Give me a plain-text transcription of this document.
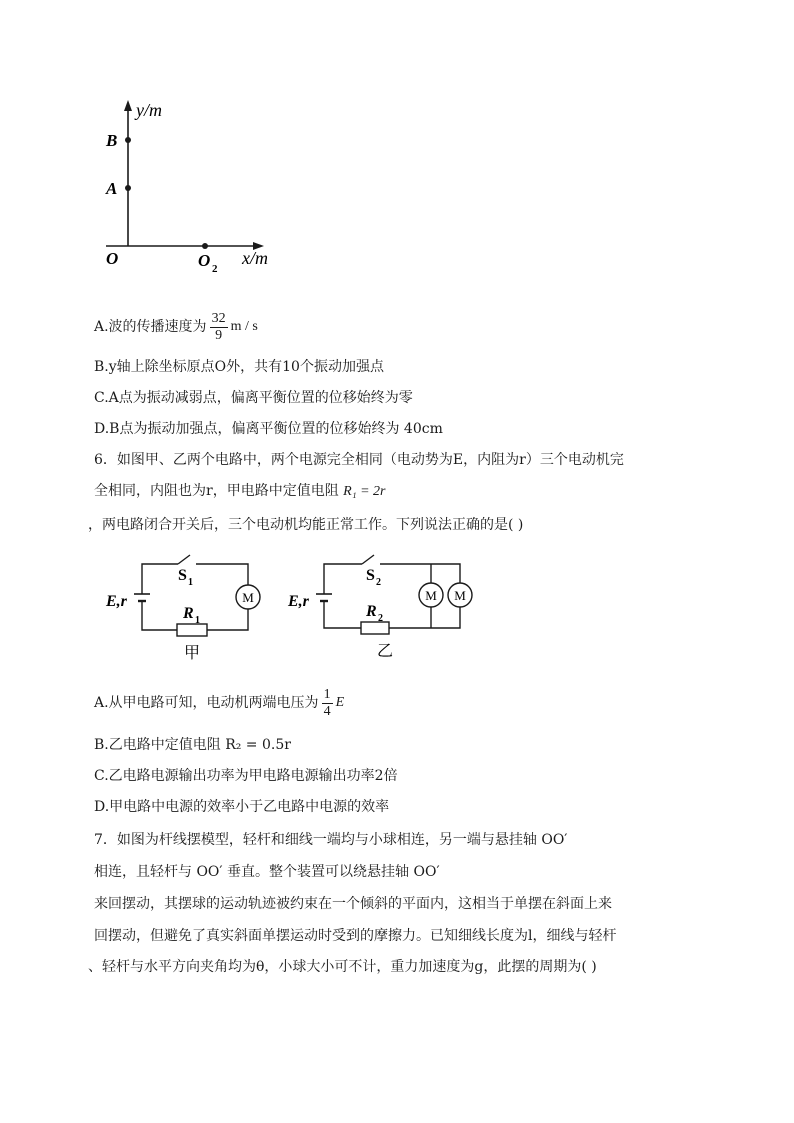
y/m
B
A
O	O 2
x/m
A.波的传播速度为 $\frac{32}{9}$ m / s
B.y轴上除坐标原点O外，共有10个振动加强点
C.A点为振动减弱点，偏离平衡位置的位移始终为零
D.B点为振动加强点，偏离平衡位置的位移始终为 40cm
6．如图甲、乙两个电路中，两个电源完全相同（电动势为E，内阻为r）三个电动机完
全相同，内阻也为r，甲电路中定值电阻 R₁ = 2r
，两电路闭合开关后，三个电动机均能正常工作。下列说法正确的是( )
M
E,r
S 1
R 1
甲
M M
E,r
S 2
R 2
乙
A.从甲电路可知，电动机两端电压为 $\frac{1}{4}$ E
B.乙电路中定值电阻 R₂ = 0.5r
C.乙电路电源输出功率为甲电路电源输出功率2倍
D.甲电路中电源的效率小于乙电路中电源的效率
7．如图为杆线摆模型，轻杆和细线一端均与小球相连，另一端与悬挂轴 OO′
相连，且轻杆与 OO′ 垂直。整个装置可以绕悬挂轴 OO′
来回摆动，其摆球的运动轨迹被约束在一个倾斜的平面内，这相当于单摆在斜面上来
回摆动，但避免了真实斜面单摆运动时受到的摩擦力。已知细线长度为l，细线与轻杆
、轻杆与水平方向夹角均为θ，小球大小可不计，重力加速度为g，此摆的周期为( )
